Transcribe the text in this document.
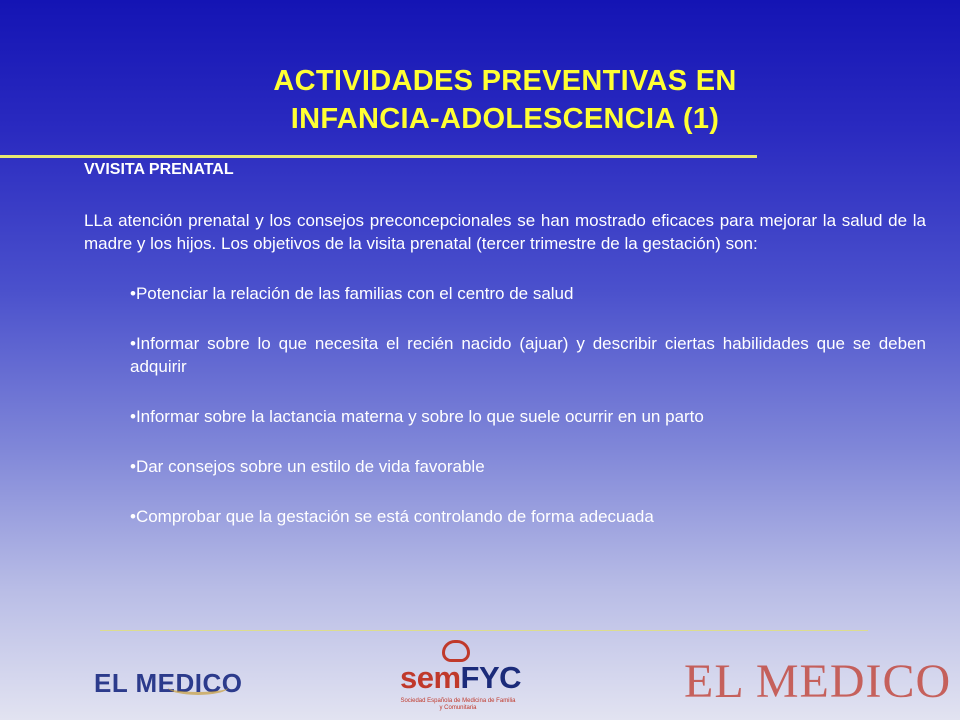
ACTIVIDADES PREVENTIVAS EN
INFANCIA-ADOLESCENCIA (1)

VVISITA PRENATAL

LLa atención prenatal y los consejos preconcepcionales se han mostrado eficaces para mejorar la salud de la madre y los hijos. Los objetivos de la visita prenatal (tercer trimestre de la gestación) son:

•Potenciar la relación de las familias con el centro de salud
•Informar sobre lo que necesita el recién nacido (ajuar) y describir ciertas habilidades que se deben adquirir
•Informar sobre la lactancia materna y sobre lo que suele ocurrir en un parto
•Dar consejos sobre un estilo de vida favorable
•Comprobar que la gestación se está controlando de forma adecuada
EL MEDICO	semFYC
Sociedad Española de Medicina de Familia y Comunitaria	EL MEDICO
